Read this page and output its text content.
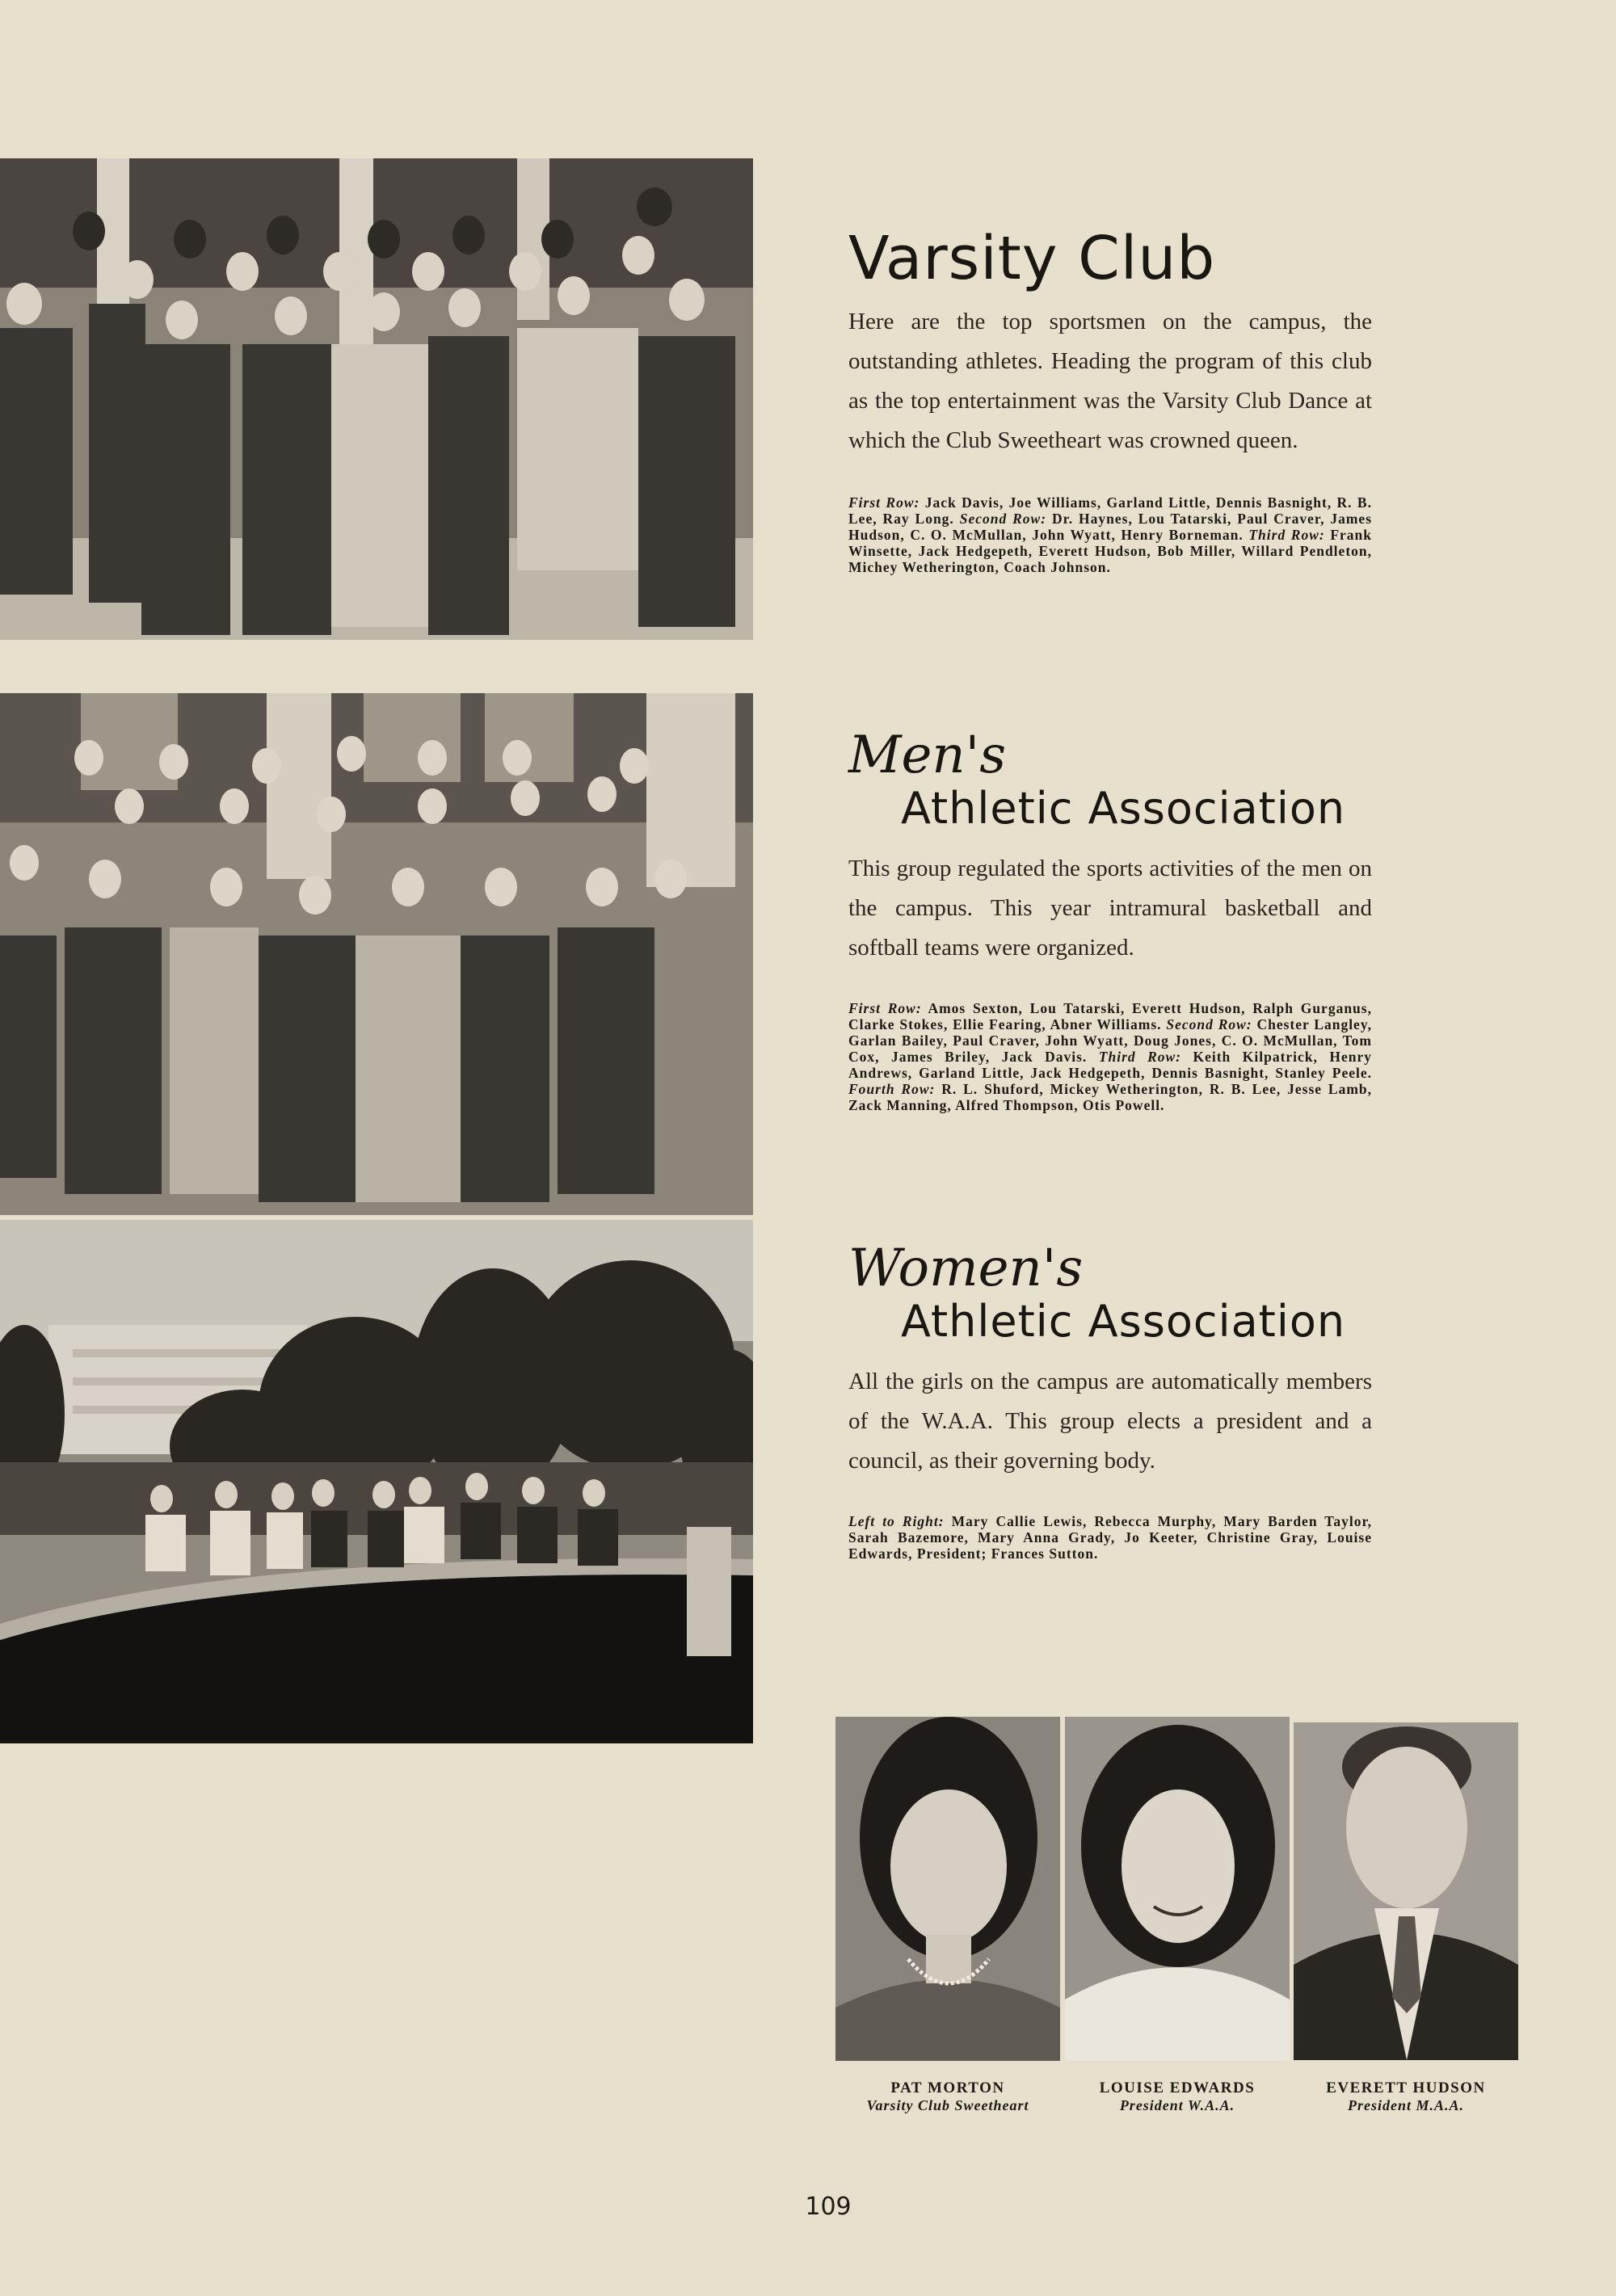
Varsity Club
Here are the top sportsmen on the campus, the outstanding athletes. Heading the program of this club as the top entertainment was the Varsity Club Dance at which the Club Sweetheart was crowned queen.
First Row: Jack Davis, Joe Williams, Garland Little, Dennis Basnight, R. B. Lee, Ray Long. Second Row: Dr. Haynes, Lou Tatarski, Paul Craver, James Hudson, C. O. McMullan, John Wyatt, Henry Borneman. Third Row: Frank Winsette, Jack Hedgepeth, Everett Hudson, Bob Miller, Willard Pendleton, Michey Wetherington, Coach Johnson.
Men's
Athletic Association
This group regulated the sports activities of the men on the campus. This year intramural basketball and softball teams were organized.
First Row: Amos Sexton, Lou Tatarski, Everett Hudson, Ralph Gurganus, Clarke Stokes, Ellie Fearing, Abner Williams. Second Row: Chester Langley, Garlan Bailey, Paul Craver, John Wyatt, Doug Jones, C. O. McMullan, Tom Cox, James Briley, Jack Davis. Third Row: Keith Kilpatrick, Henry Andrews, Garland Little, Jack Hedgepeth, Dennis Basnight, Stanley Peele. Fourth Row: R. L. Shuford, Mickey Wetherington, R. B. Lee, Jesse Lamb, Zack Manning, Alfred Thompson, Otis Powell.
Women's
Athletic Association
All the girls on the campus are automatically members of the W.A.A. This group elects a president and a council, as their governing body.
Left to Right: Mary Callie Lewis, Rebecca Murphy, Mary Barden Taylor, Sarah Bazemore, Mary Anna Grady, Jo Keeter, Christine Gray, Louise Edwards, President; Frances Sutton.
PAT MORTON
Varsity Club Sweetheart
LOUISE EDWARDS
President W.A.A.
EVERETT HUDSON
President M.A.A.
109
